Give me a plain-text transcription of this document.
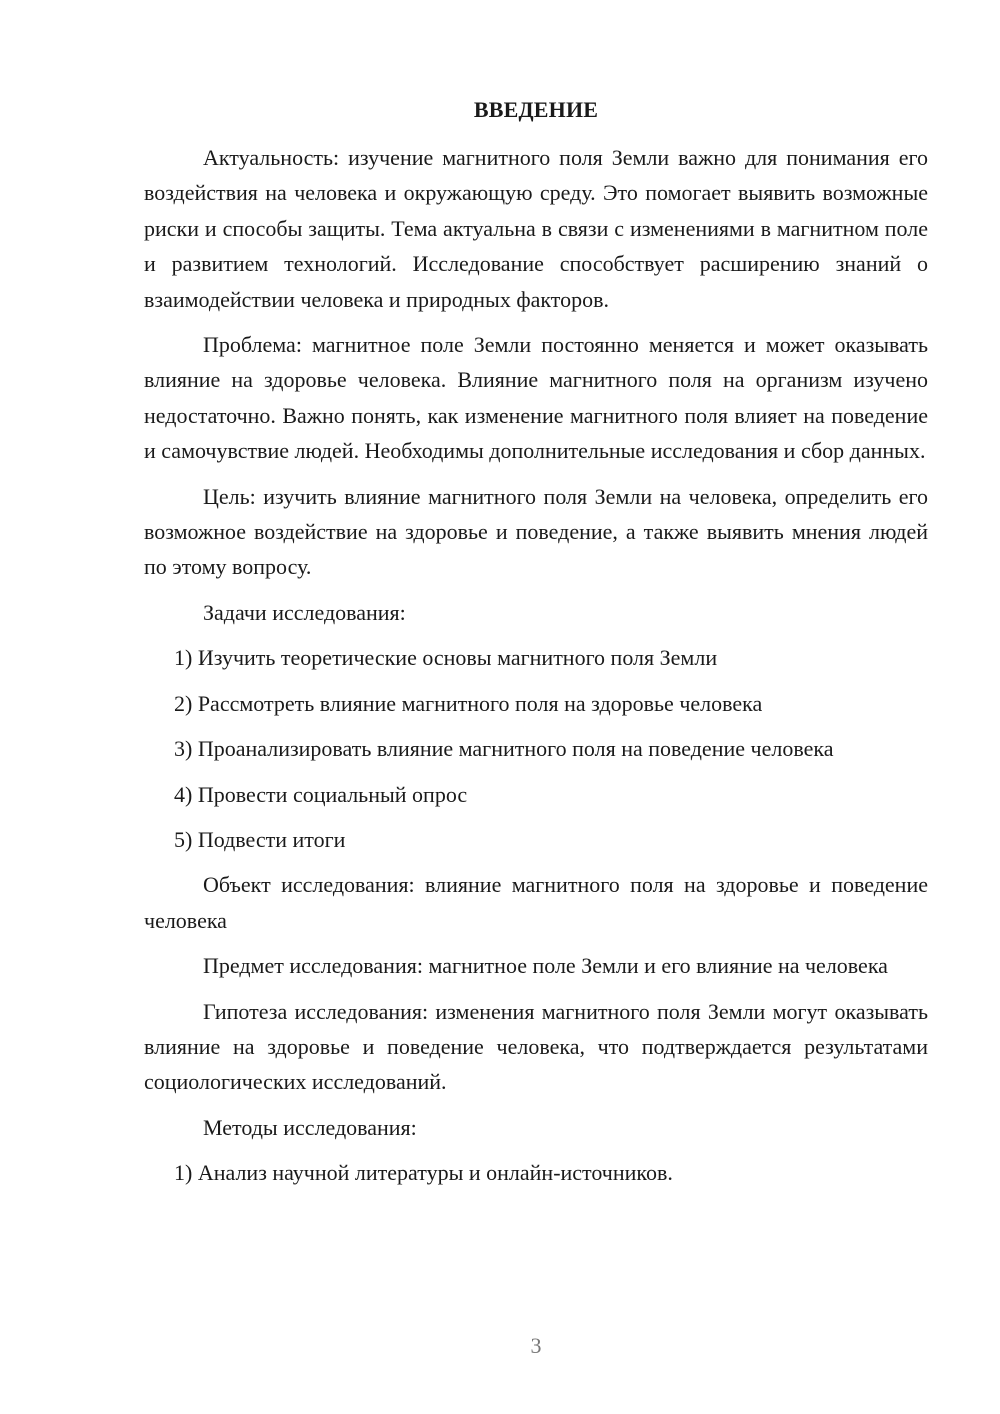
ВВЕДЕНИЕ

Актуальность: изучение магнитного поля Земли важно для понимания его воздействия на человека и окружающую среду. Это помогает выявить возможные риски и способы защиты. Тема актуальна в связи с изменениями в магнитном поле и развитием технологий. Исследование способствует расширению знаний о взаимодействии человека и природных факторов.

Проблема: магнитное поле Земли постоянно меняется и может оказывать влияние на здоровье человека. Влияние магнитного поля на организм изучено недостаточно. Важно понять, как изменение магнитного поля влияет на поведение и самочувствие людей. Необходимы дополнительные исследования и сбор данных.

Цель: изучить влияние магнитного поля Земли на человека, определить его возможное воздействие на здоровье и поведение, а также выявить мнения людей по этому вопросу.

Задачи исследования:

1) Изучить теоретические основы магнитного поля Земли
2) Рассмотреть влияние магнитного поля на здоровье человека
3) Проанализировать влияние магнитного поля на поведение человека
4) Провести социальный опрос
5) Подвести итоги

Объект исследования: влияние магнитного поля на здоровье и поведение человека

Предмет исследования: магнитное поле Земли и его влияние на человека

Гипотеза исследования: изменения магнитного поля Земли могут оказывать влияние на здоровье и поведение человека, что подтверждается результатами социологических исследований.

Методы исследования:

1) Анализ научной литературы и онлайн-источников.
3
